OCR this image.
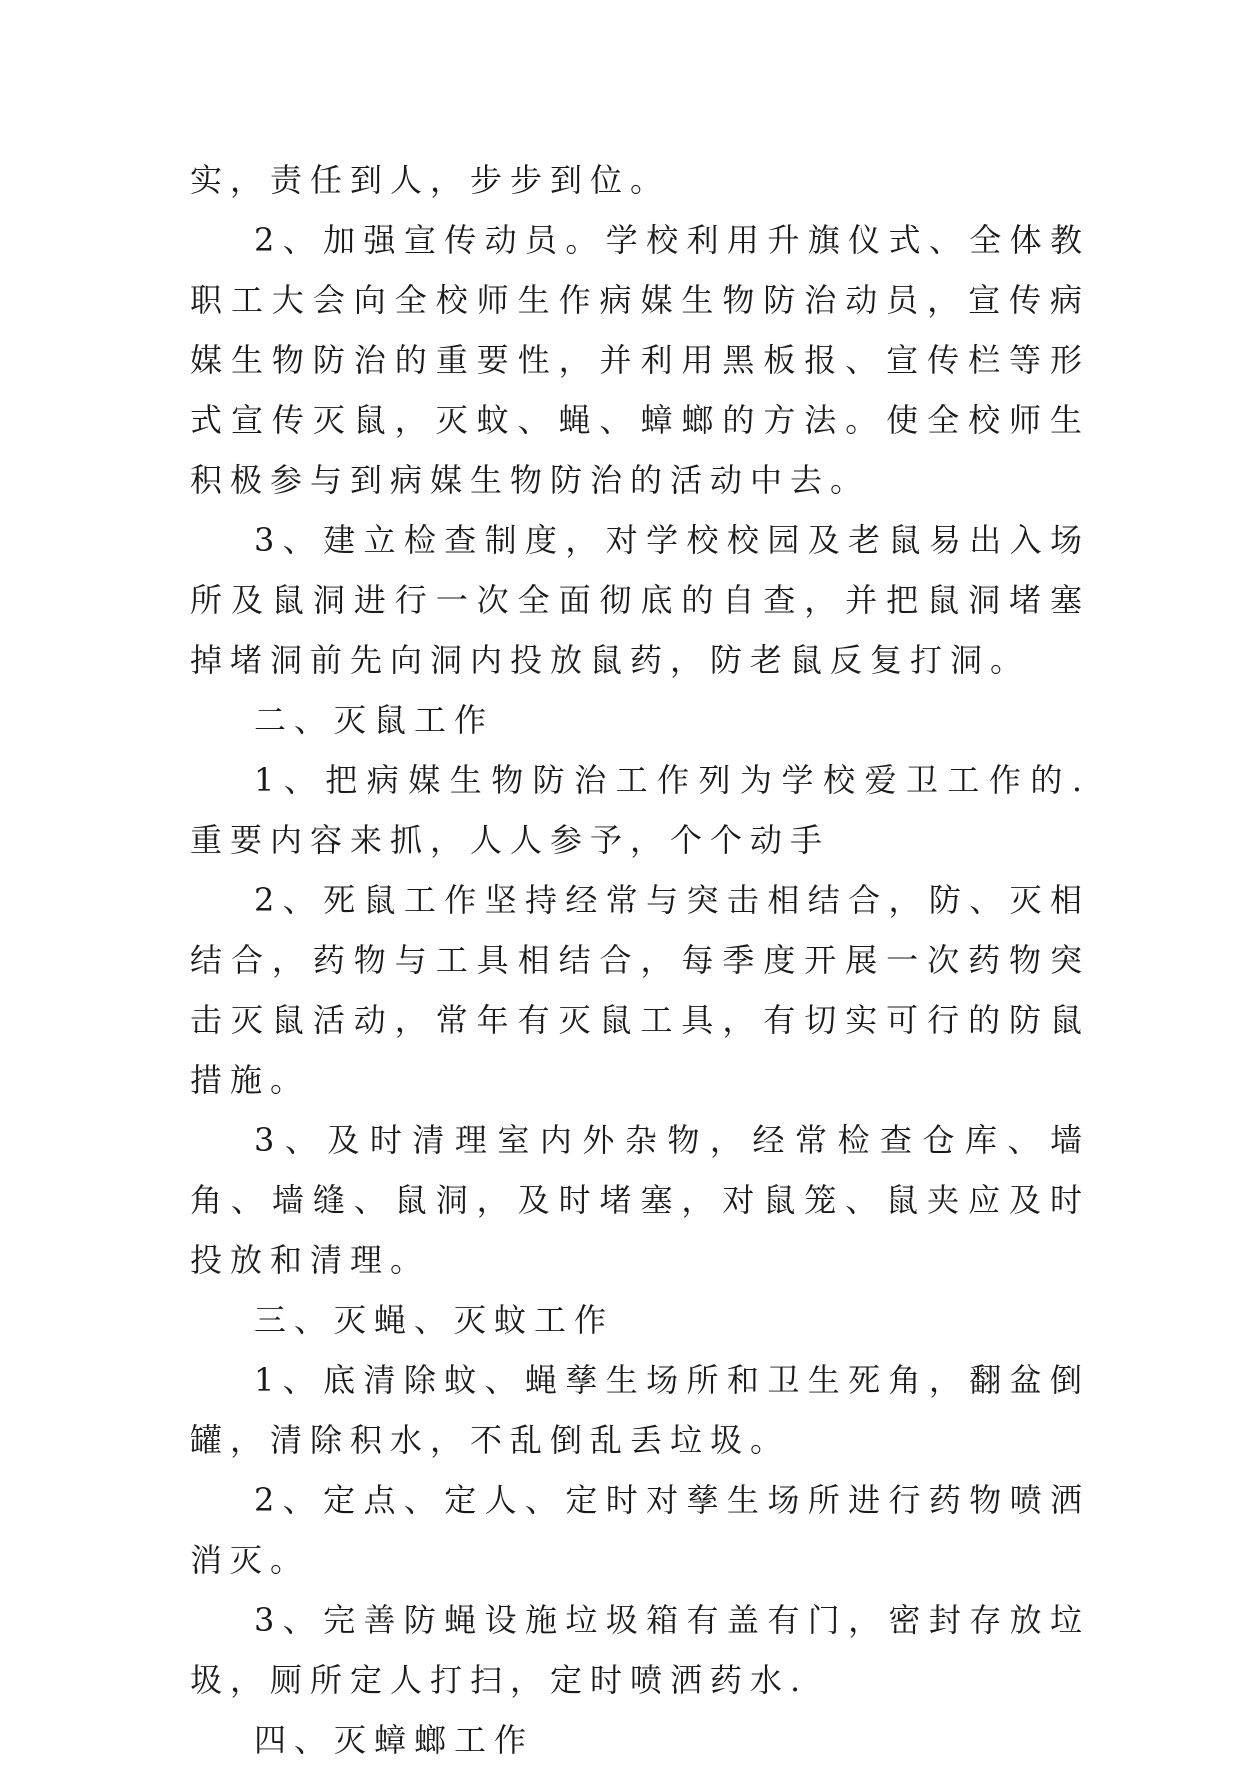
实，责任到人，步步到位。

2、加强宣传动员。学校利用升旗仪式、全体教职工大会向全校师生作病媒生物防治动员，宣传病媒生物防治的重要性，并利用黑板报、宣传栏等形式宣传灭鼠，灭蚊、蝇、蟑螂的方法。使全校师生积极参与到病媒生物防治的活动中去。

3、建立检查制度，对学校校园及老鼠易出入场所及鼠洞进行一次全面彻底的自查，并把鼠洞堵塞掉堵洞前先向洞内投放鼠药，防老鼠反复打洞。

二、灭鼠工作

1、把病媒生物防治工作列为学校爱卫工作的.重要内容来抓，人人参予，个个动手

2、死鼠工作坚持经常与突击相结合，防、灭相结合，药物与工具相结合，每季度开展一次药物突击灭鼠活动，常年有灭鼠工具，有切实可行的防鼠措施。

3、及时清理室内外杂物，经常检查仓库、墙角、墙缝、鼠洞，及时堵塞，对鼠笼、鼠夹应及时投放和清理。

三、灭蝇、灭蚊工作

1、底清除蚊、蝇孳生场所和卫生死角，翻盆倒罐，清除积水，不乱倒乱丢垃圾。

2、定点、定人、定时对孳生场所进行药物喷洒消灭。

3、完善防蝇设施垃圾箱有盖有门，密封存放垃圾，厕所定人打扫，定时喷洒药水.

四、灭蟑螂工作
